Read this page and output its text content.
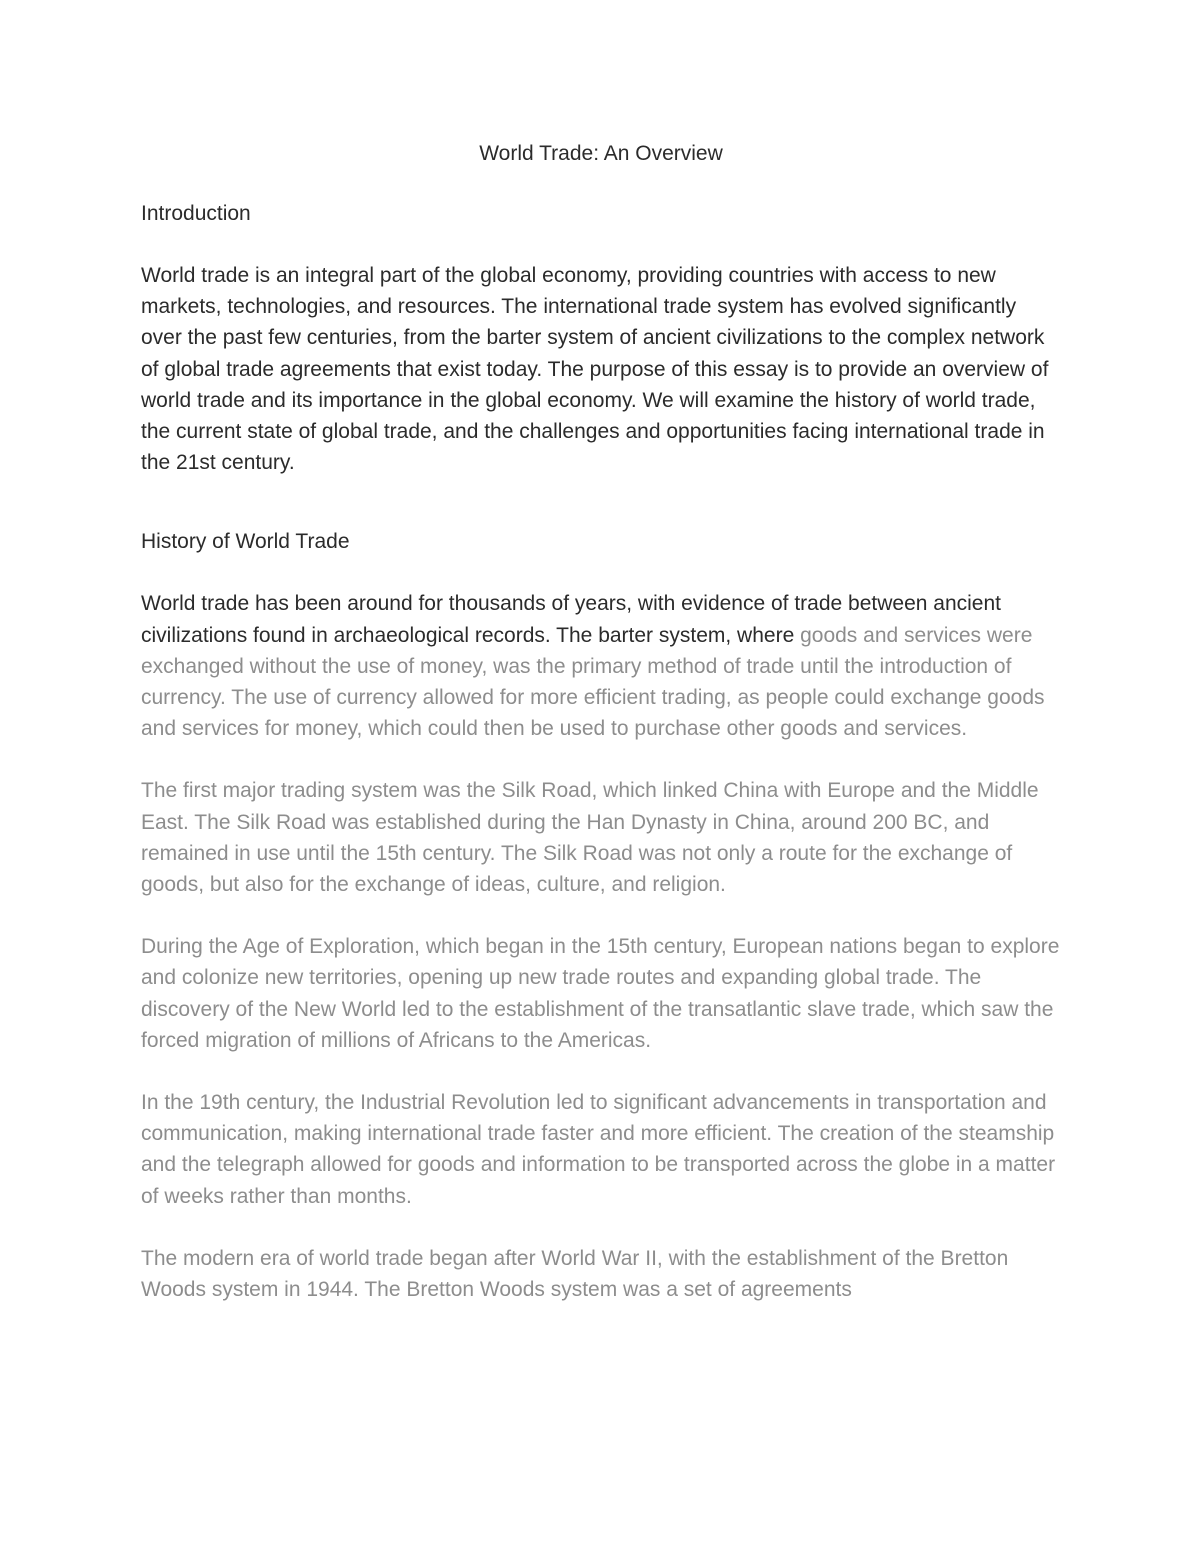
World Trade: An Overview
Introduction

World trade is an integral part of the global economy, providing countries with access to new markets, technologies, and resources. The international trade system has evolved significantly over the past few centuries, from the barter system of ancient civilizations to the complex network of global trade agreements that exist today. The purpose of this essay is to provide an overview of world trade and its importance in the global economy. We will examine the history of world trade, the current state of global trade, and the challenges and opportunities facing international trade in the 21st century.

History of World Trade

World trade has been around for thousands of years, with evidence of trade between ancient civilizations found in archaeological records. The barter system, where goods and services were exchanged without the use of money, was the primary method of trade until the introduction of currency. The use of currency allowed for more efficient trading, as people could exchange goods and services for money, which could then be used to purchase other goods and services.

The first major trading system was the Silk Road, which linked China with Europe and the Middle East. The Silk Road was established during the Han Dynasty in China, around 200 BC, and remained in use until the 15th century. The Silk Road was not only a route for the exchange of goods, but also for the exchange of ideas, culture, and religion.

During the Age of Exploration, which began in the 15th century, European nations began to explore and colonize new territories, opening up new trade routes and expanding global trade. The discovery of the New World led to the establishment of the transatlantic slave trade, which saw the forced migration of millions of Africans to the Americas.

In the 19th century, the Industrial Revolution led to significant advancements in transportation and communication, making international trade faster and more efficient. The creation of the steamship and the telegraph allowed for goods and information to be transported across the globe in a matter of weeks rather than months.

The modern era of world trade began after World War II, with the establishment of the Bretton Woods system in 1944. The Bretton Woods system was a set of agreements
